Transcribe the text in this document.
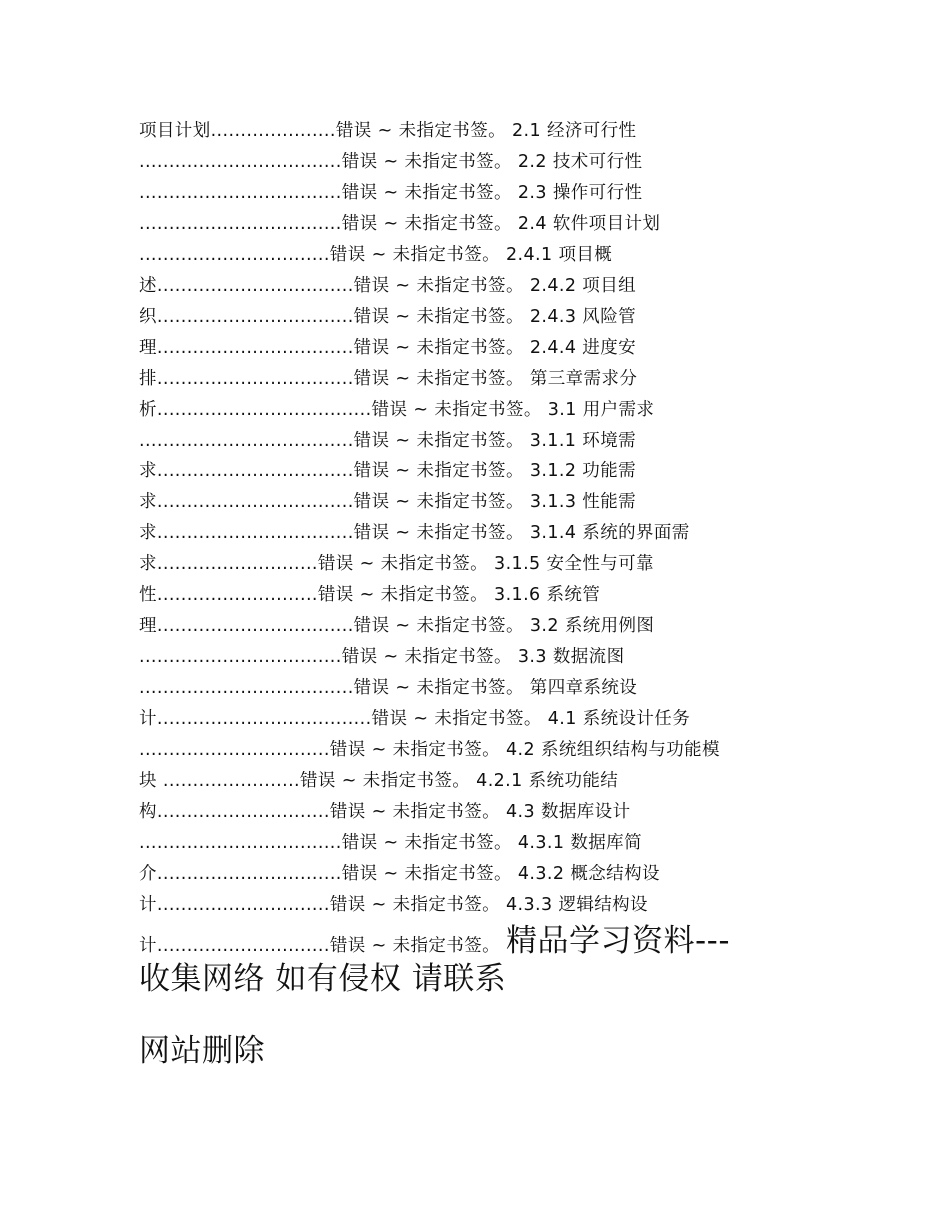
项目计划.....................错误 ~ 未指定书签。 2.1 经济可行性
..................................错误 ~ 未指定书签。 2.2 技术可行性
..................................错误 ~ 未指定书签。 2.3 操作可行性
..................................错误 ~ 未指定书签。 2.4 软件项目计划
................................错误 ~ 未指定书签。 2.4.1 项目概
述.................................错误 ~ 未指定书签。 2.4.2 项目组
织.................................错误 ~ 未指定书签。 2.4.3 风险管
理.................................错误 ~ 未指定书签。 2.4.4 进度安
排.................................错误 ~ 未指定书签。 第三章需求分
析....................................错误 ~ 未指定书签。 3.1 用户需求
....................................错误 ~ 未指定书签。 3.1.1 环境需
求.................................错误 ~ 未指定书签。 3.1.2 功能需
求.................................错误 ~ 未指定书签。 3.1.3 性能需
求.................................错误 ~ 未指定书签。 3.1.4 系统的界面需
求...........................错误 ~ 未指定书签。 3.1.5 安全性与可靠
性...........................错误 ~ 未指定书签。 3.1.6 系统管
理.................................错误 ~ 未指定书签。 3.2 系统用例图
..................................错误 ~ 未指定书签。 3.3 数据流图
....................................错误 ~ 未指定书签。 第四章系统设
计....................................错误 ~ 未指定书签。 4.1 系统设计任务
................................错误 ~ 未指定书签。 4.2 系统组织结构与功能模
块 .......................错误 ~ 未指定书签。 4.2.1 系统功能结
构.............................错误 ~ 未指定书签。 4.3 数据库设计
..................................错误 ~ 未指定书签。 4.3.1 数据库简
介...............................错误 ~ 未指定书签。 4.3.2 概念结构设
计.............................错误 ~ 未指定书签。 4.3.3 逻辑结构设
计.............................错误 ~ 未指定书签。 精品学习资料---
收集网络 如有侵权 请联系
网站删除
